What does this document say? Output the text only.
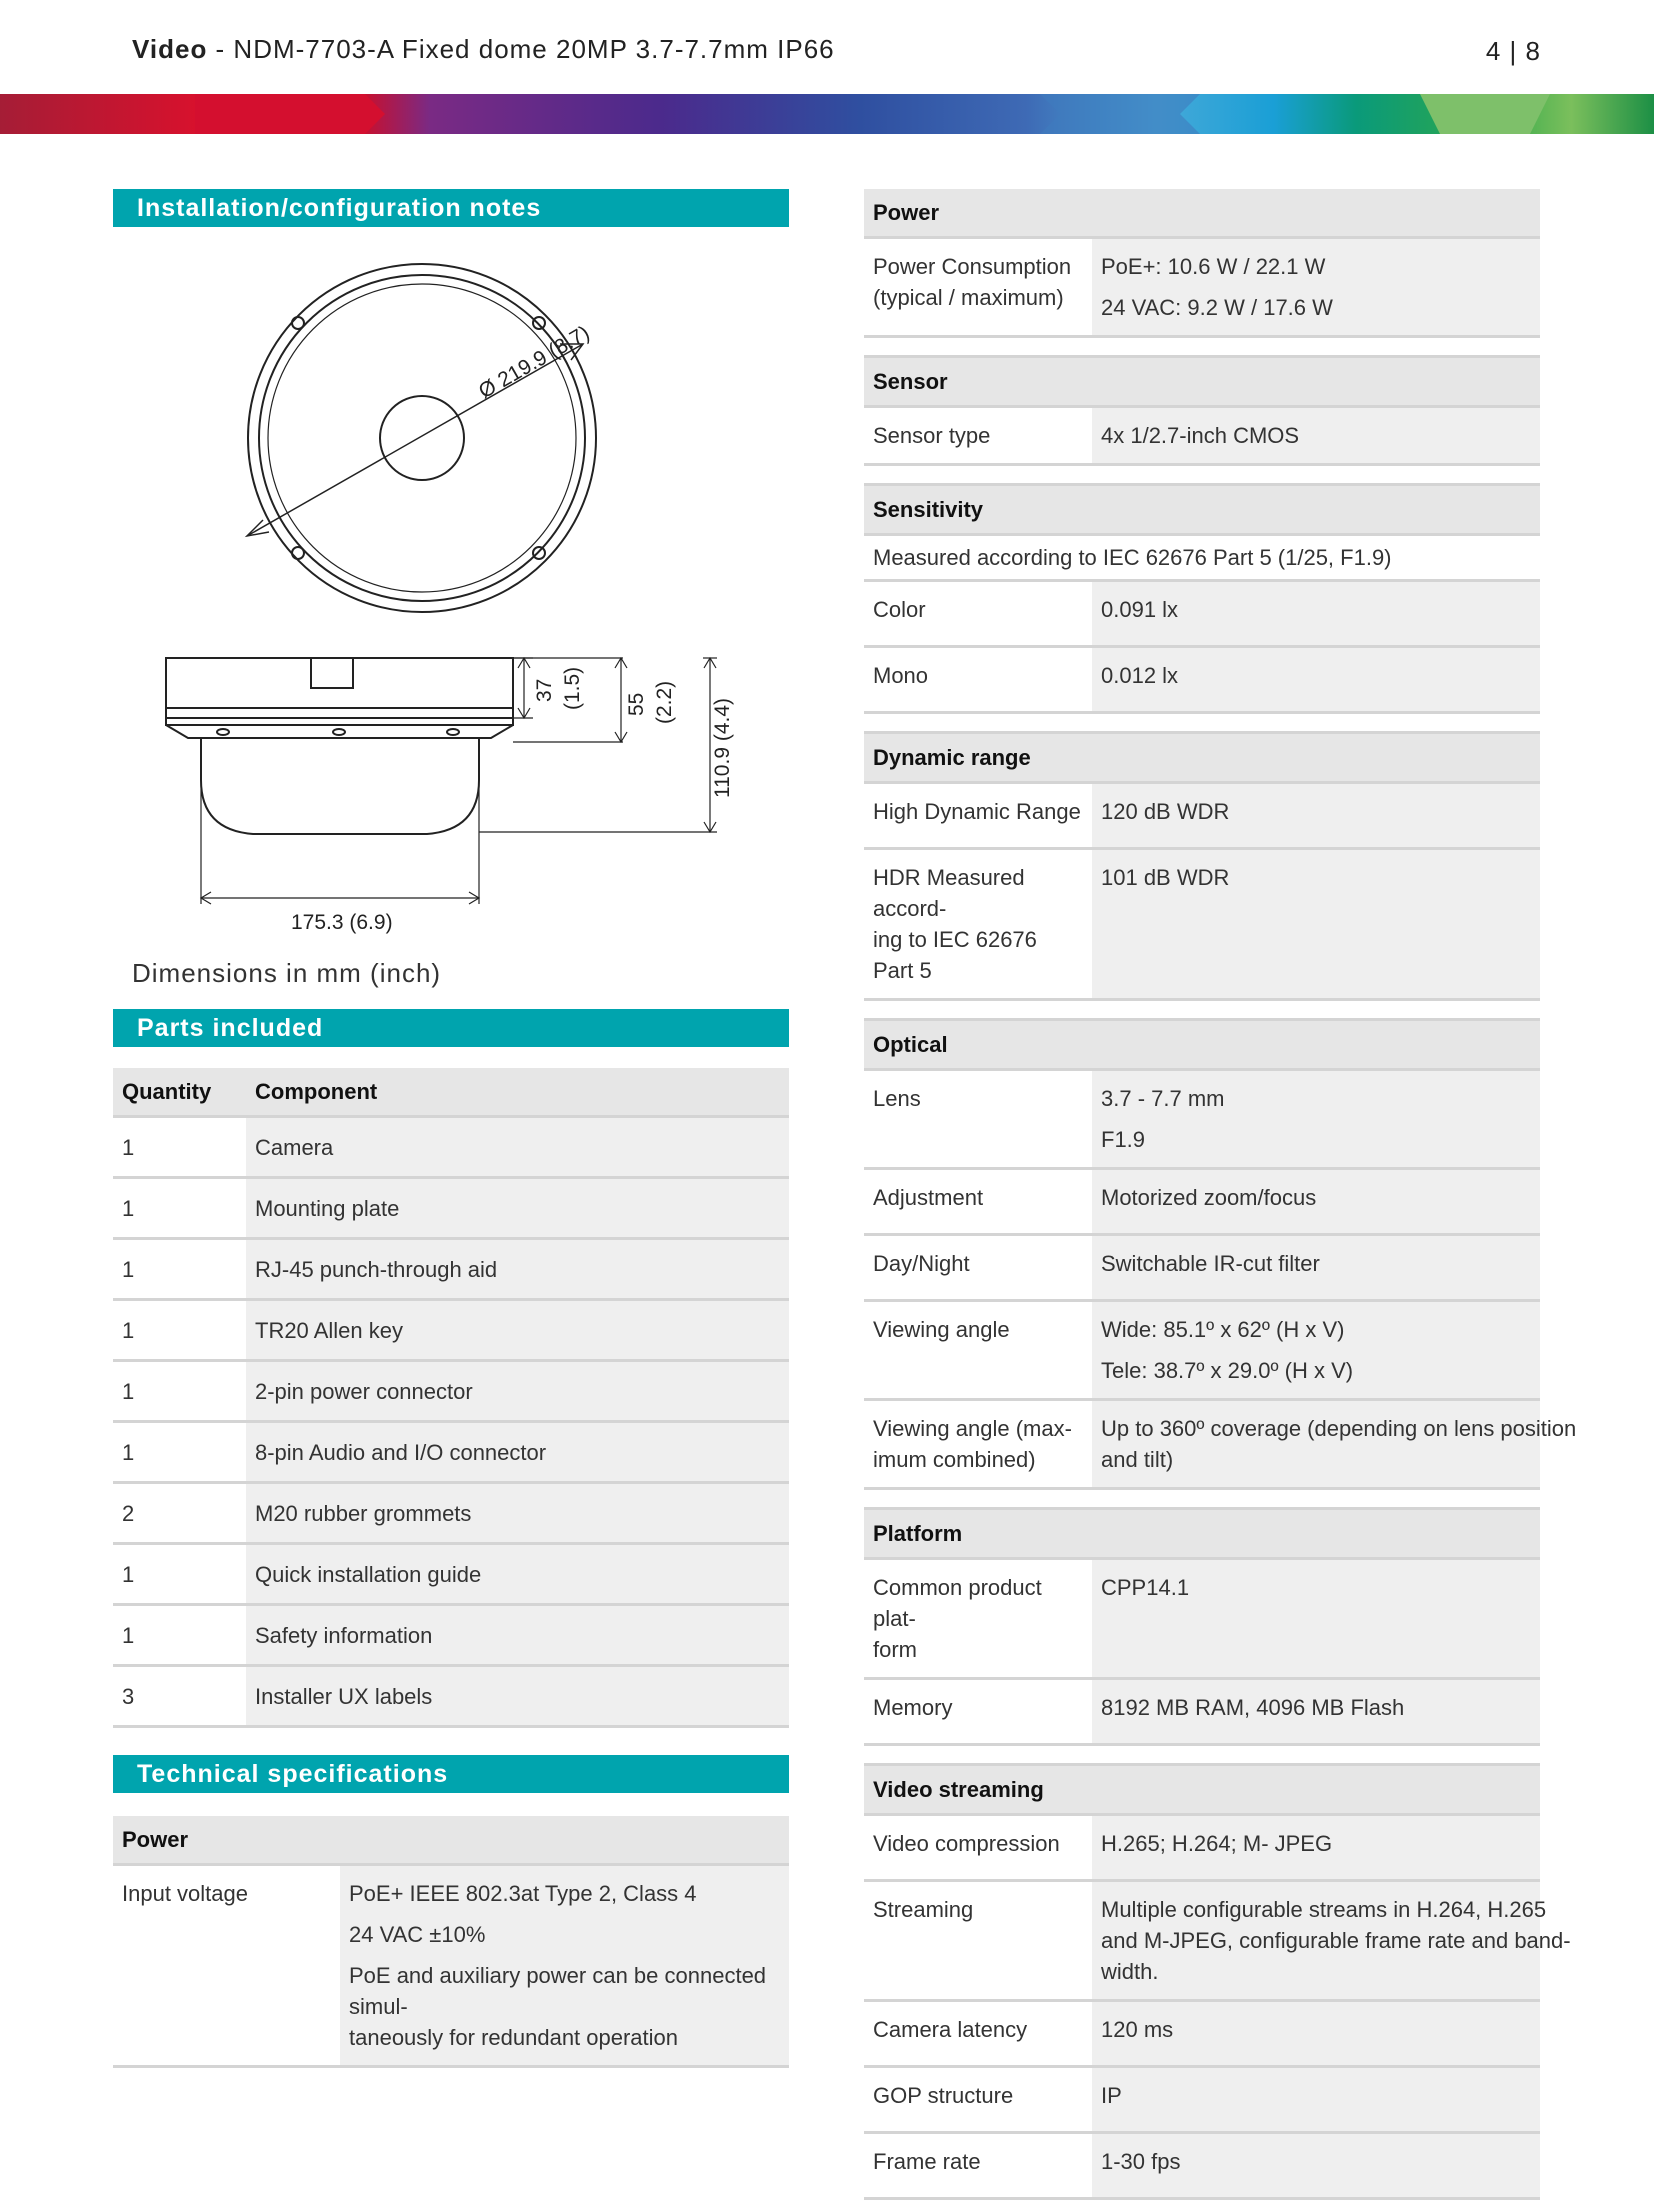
Video - NDM-7703-A Fixed dome 20MP 3.7-7.7mm IP66	4 | 8
Installation/configuration notes
Ø 219.9 (8.7)
37 (1.5) 55 (2.2) 110.9 (4.4)
175.3 (6.9)
Dimensions in mm (inch)
Parts included
Quantity	Component
1	Camera
1	Mounting plate
1	RJ-45 punch-through aid
1	TR20 Allen key
1	2-pin power connector
1	8-pin Audio and I/O connector
2	M20 rubber grommets
1	Quick installation guide
1	Safety information
3	Installer UX labels
Technical specifications
Power
Input voltage	PoE+ IEEE 802.3at Type 2, Class 4
24 VAC ±10%
PoE and auxiliary power can be connected simul-
taneously for redundant operation
Power	

Power Consumption
(typical / maximum)	PoE+: 10.6 W / 22.1 W
24 VAC: 9.2 W / 17.6 W

Sensor	
Sensor type	4x 1/2.7-inch CMOS

Sensitivity	
Measured according to IEC 62676 Part 5 (1/25, F1.9)	
Color	0.091 lx
Mono	0.012 lx

Dynamic range	
High Dynamic Range	120 dB WDR

HDR Measured accord-
ing to IEC 62676 Part 5	101 dB WDR

Optical	
Lens	3.7 - 7.7 mm
F1.9

Adjustment	Motorized zoom/focus
Day/Night	Switchable IR-cut filter
Viewing angle	Wide: 85.1º x 62º (H x V)
Tele: 38.7º x 29.0º (H x V)

Viewing angle (max-
imum combined)	Up to 360º coverage (depending on lens position
and tilt)

Platform	

Common product plat-
form	CPP14.1
Memory	8192 MB RAM, 4096 MB Flash

Video streaming	
Video compression	H.265; H.264; M- JPEG
Streaming	Multiple configurable streams in H.264, H.265
and M-JPEG, configurable frame rate and band-
width.

Camera latency	120 ms
GOP structure	IP
Frame rate	1-30 fps
